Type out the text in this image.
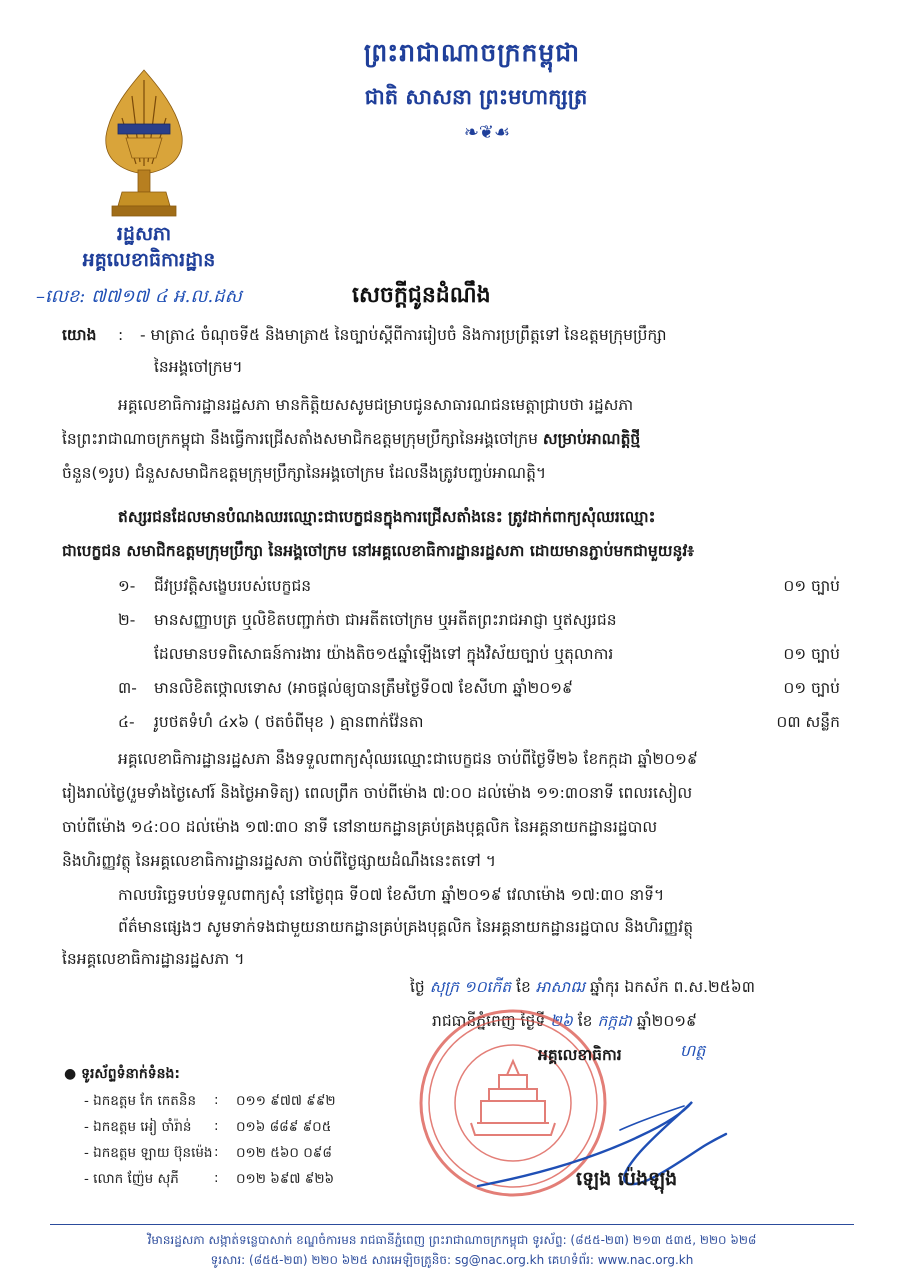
ព្រះរាជាណាចក្រកម្ពុជា
ជាតិ សាសនា ព្រះមហាក្សត្រ
❧❦☙
រដ្ឋសភា
អគ្គលេខាធិការដ្ឋាន
–លេខ: ៧៧១៧ ៤ អ.ល.ដស	សេចក្តីជូនដំណឹង
យោង : - មាត្រា៤ ចំណុចទី៥ និងមាត្រា៥ នៃច្បាប់ស្តីពីការរៀបចំ និងការប្រព្រឹត្តទៅ នៃឧត្តមក្រុមប្រឹក្សា
នៃអង្គចៅក្រម។
អគ្គលេខាធិការដ្ឋានរដ្ឋសភា មានកិត្តិយសសូមជម្រាបជូនសាធារណជនមេត្តាជ្រាបថា រដ្ឋសភា
នៃព្រះរាជាណាចក្រកម្ពុជា នឹងធ្វើការជ្រើសតាំងសមាជិកឧត្តមក្រុមប្រឹក្សានៃអង្គចៅក្រម សម្រាប់អាណត្តិថ្មី
ចំនួន(១រូប) ជំនួសសមាជិកឧត្តមក្រុមប្រឹក្សានៃអង្គចៅក្រម ដែលនឹងត្រូវបញ្ចប់អាណត្តិ។
ឥស្សរជនដែលមានបំណងឈរឈ្មោះជាបេក្ខជនក្នុងការជ្រើសតាំងនេះ ត្រូវដាក់ពាក្យសុំឈរឈ្មោះ
ជាបេក្ខជន សមាជិកឧត្តមក្រុមប្រឹក្សា នៃអង្គចៅក្រម នៅអគ្គលេខាធិការដ្ឋានរដ្ឋសភា ដោយមានភ្ជាប់មកជាមួយនូវ៖
១- ជីវប្រវត្តិសង្ខេបរបស់បេក្ខជន	០១ ច្បាប់
២- មានសញ្ញាបត្រ ឬលិខិតបញ្ជាក់ថា ជាអតីតចៅក្រម ឬអតីតព្រះរាជអាជ្ញា ឬឥស្សរជន
ដែលមានបទពិសោធន៍ការងារ យ៉ាងតិច១៥ឆ្នាំឡើងទៅ ក្នុងវិស័យច្បាប់ ឬតុលាការ	០១ ច្បាប់
៣- មានលិខិតថ្កោលទោស (អាចផ្តល់ឲ្យបានត្រឹមថ្ងៃទី០៧ ខែសីហា ឆ្នាំ២០១៩	០១ ច្បាប់
៤- រូបថតទំហំ ៤x៦ ( ថតចំពីមុខ ) គ្មានពាក់វ៉ែនតា	០៣ សន្លឹក
អគ្គលេខាធិការដ្ឋានរដ្ឋសភា នឹងទទួលពាក្យសុំឈរឈ្មោះជាបេក្ខជន ចាប់ពីថ្ងៃទី២៦ ខែកក្កដា ឆ្នាំ២០១៩
រៀងរាល់ថ្ងៃ(រួមទាំងថ្ងៃសៅរ៍ និងថ្ងៃអាទិត្យ) ពេលព្រឹក ចាប់ពីម៉ោង ៧:០០ ដល់ម៉ោង ១១:៣០នាទី ពេលរសៀល
ចាប់ពីម៉ោង ១៤:០០ ដល់ម៉ោង ១៧:៣០ នាទី នៅនាយកដ្ឋានគ្រប់គ្រងបុគ្គលិក នៃអគ្គនាយកដ្ឋានរដ្ឋបាល
និងហិរញ្ញវត្ថុ នៃអគ្គលេខាធិការដ្ឋានរដ្ឋសភា ចាប់ពីថ្ងៃផ្សាយដំណឹងនេះតទៅ ។
កាលបរិច្ឆេទបប់ទទួលពាក្យសុំ នៅថ្ងៃពុធ ទី០៧ ខែសីហា ឆ្នាំ២០១៩ វេលាម៉ោង ១៧:៣០ នាទី។
ព័ត៌មានផ្សេងៗ សូមទាក់ទងជាមួយនាយកដ្ឋានគ្រប់គ្រងបុគ្គលិក នៃអគ្គនាយកដ្ឋានរដ្ឋបាល និងហិរញ្ញវត្ថុ
នៃអគ្គលេខាធិការដ្ឋានរដ្ឋសភា ។
ថ្ងៃ សុក្រ ១០កើត ខែ អាសាឍ ឆ្នាំកុរ ឯកស័ក ព.ស.២៥៦៣
រាជធានីភ្នំពេញ ថ្ងៃទី ២៦ ខែ កក្កដា ឆ្នាំ២០១៩
អគ្គលេខាធិការ	ហត្ថ
ឡេង ប៉េងឡុង
● ទូរស័ព្ទទំនាក់ទំនង:
- ឯកឧត្តម កែ កេតនិន : ០១១ ៩៧៧ ៩៩២
- ឯកឧត្តម អៀ ចាំរ៉ាន់ : ០១៦ ៨៨៩ ៩០៥
- ឯកឧត្តម ឡាយ ប៊ុនម៉េង : ០១២ ៥៦០ ០៩៨
- លោក ញ៉ែម សុភី	: ០១២ ៦៩៧ ៩២៦
វិមានរដ្ឋសភា សង្កាត់ទន្លេបាសាក់ ខណ្ឌចំការមន រាជធានីភ្នំពេញ ព្រះរាជាណាចក្រកម្ពុជា ទូរស័ព្ទ: (៨៥៥-២៣) ២១៣ ៥៣៥, ២២០ ៦២៨
ទូរសារ: (៨៥៥-២៣) ២២០ ៦២៥ សារអេឡិចត្រូនិច: sg@nac.org.kh គេហទំព័រ: www.nac.org.kh
